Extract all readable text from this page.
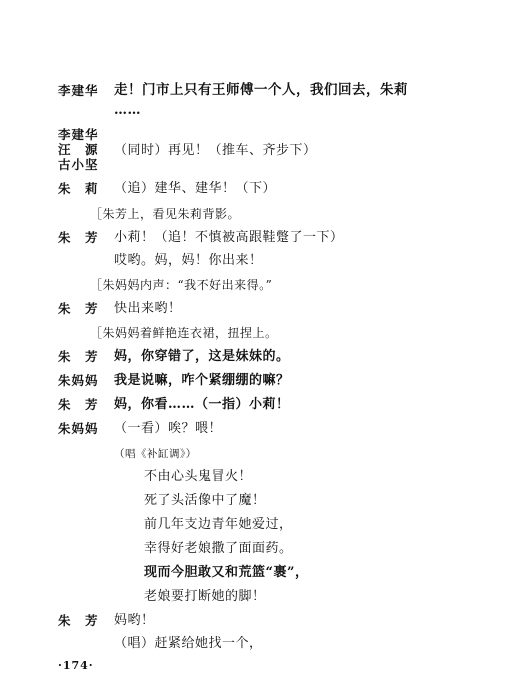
李建华 走！门市上只有王师傅一个人，我们回去，朱莉
……
李建华
汪　源
古小坚
（同时）再见！（推车、齐步下）
朱　莉 （追）建华、建华！（下）
［朱芳上，看见朱莉背影。
朱　芳 小莉！（追！不慎被高跟鞋蹩了一下）
哎哟。妈，妈！你出来！
［朱妈妈内声：“我不好出来得。”
朱　芳 快出来哟！
［朱妈妈着鲜艳连衣裙，扭捏上。
朱　芳 妈，你穿错了，这是妹妹的。
朱妈妈 我是说嘛，咋个紧绷绷的嘛？
朱　芳 妈，你看……（一指）小莉！
朱妈妈 （一看）唉？喂！
（唱《补缸调》）
不由心头鬼冒火！
死了头活像中了魔！
前几年支边青年她爱过，
幸得好老娘撒了面面药。
现而今胆敢又和荒篮“裹”，
老娘要打断她的脚！
朱　芳 妈哟！
（唱）赶紧给她找一个，
·174·
